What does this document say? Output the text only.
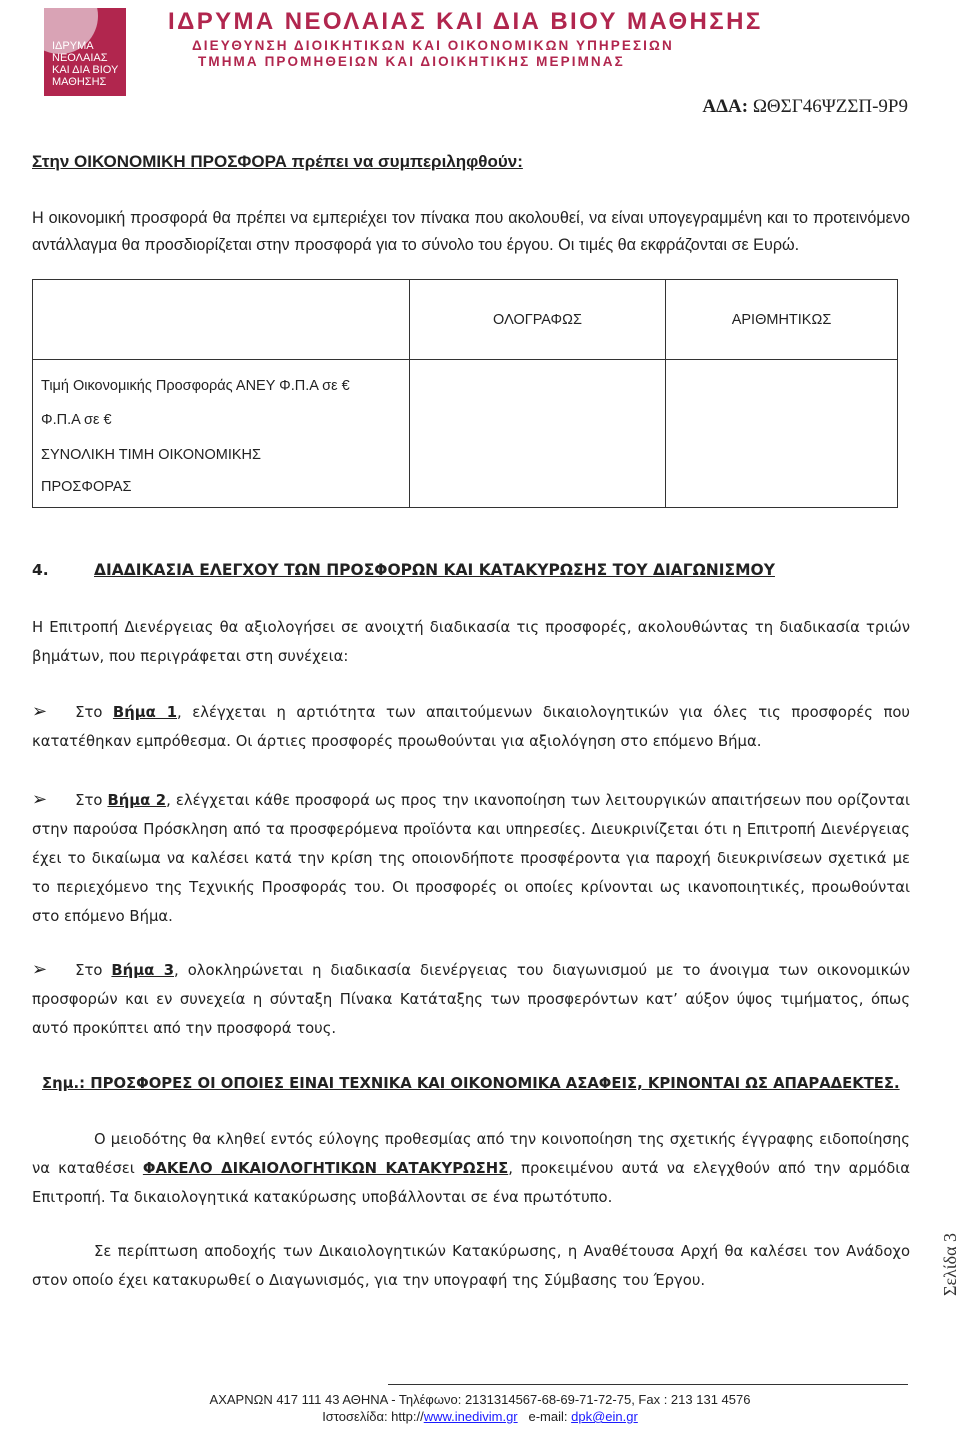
ΙΔΡΥΜΑ
ΝΕΟΛΑΙΑΣ
ΚΑΙ ΔΙΑ ΒΙΟΥ
ΜΑΘΗΣΗΣ
ΙΔΡΥΜΑ ΝΕΟΛΑΙΑΣ ΚΑΙ ΔΙΑ ΒΙΟΥ ΜΑΘΗΣΗΣ
ΔΙΕΥΘΥΝΣΗ ΔΙΟΙΚΗΤΙΚΩΝ ΚΑΙ ΟΙΚΟΝΟΜΙΚΩΝ ΥΠΗΡΕΣΙΩΝ
ΤΜΗΜΑ ΠΡΟΜΗΘΕΙΩΝ ΚΑΙ ΔΙΟΙΚΗΤΙΚΗΣ ΜΕΡΙΜΝΑΣ
ΑΔΑ: ΩΘΣΓ46ΨΖΣΠ-9Ρ9
Στην ΟΙΚΟΝΟΜΙΚΗ ΠΡΟΣΦΟΡΑ πρέπει να συμπεριληφθούν:
Η οικονομική προσφορά θα πρέπει να εμπεριέχει τον πίνακα που ακολουθεί, να είναι υπογεγραμμένη και το προτεινόμενο αντάλλαγμα θα προσδιορίζεται στην προσφορά για το σύνολο του έργου. Οι τιμές θα εκφράζονται σε Ευρώ.
	ΟΛΟΓΡΑΦΩΣ	ΑΡΙΘΜΗΤΙΚΩΣ

Τιμή Οικονομικής Προσφοράς ΑΝΕΥ Φ.Π.Α σε €
Φ.Π.Α σε €
ΣΥΝΟΛΙΚΗ ΤΙΜΗ ΟΙΚΟΝΟΜΙΚΗΣ
ΠΡΟΣΦΟΡΑΣ		

4.	ΔΙΑΔΙΚΑΣΙΑ ΕΛΕΓΧΟΥ ΤΩΝ ΠΡΟΣΦΟΡΩΝ ΚΑΙ ΚΑΤΑΚΥΡΩΣΗΣ ΤΟΥ ΔΙΑΓΩΝΙΣΜΟΥ
Η Επιτροπή Διενέργειας θα αξιολογήσει σε ανοιχτή διαδικασία τις προσφορές, ακολουθώντας τη διαδικασία τριών βημάτων, που περιγράφεται στη συνέχεια:
➢ Στο Βήμα 1, ελέγχεται η αρτιότητα των απαιτούμενων δικαιολογητικών για όλες τις προσφορές που κατατέθηκαν εμπρόθεσμα. Οι άρτιες προσφορές προωθούνται για αξιολόγηση στο επόμενο Βήμα.
➢ Στο Βήμα 2, ελέγχεται κάθε προσφορά ως προς την ικανοποίηση των λειτουργικών απαιτήσεων που ορίζονται στην παρούσα Πρόσκληση από τα προσφερόμενα προϊόντα και υπηρεσίες. Διευκρινίζεται ότι η Επιτροπή Διενέργειας έχει το δικαίωμα να καλέσει κατά την κρίση της οποιονδήποτε προσφέροντα για παροχή διευκρινίσεων σχετικά με το περιεχόμενο της Τεχνικής Προσφοράς του. Οι προσφορές οι οποίες κρίνονται ως ικανοποιητικές, προωθούνται στο επόμενο Βήμα.
➢ Στο Βήμα 3, ολοκληρώνεται η διαδικασία διενέργειας του διαγωνισμού με το άνοιγμα των οικονομικών προσφορών και εν συνεχεία η σύνταξη Πίνακα Κατάταξης των προσφερόντων κατ’ αύξον ύψος τιμήματος, όπως αυτό προκύπτει από την προσφορά τους.
Σημ.: ΠΡΟΣΦΟΡΕΣ ΟΙ ΟΠΟΙΕΣ ΕΙΝΑΙ ΤΕΧΝΙΚΑ ΚΑΙ ΟΙΚΟΝΟΜΙΚΑ ΑΣΑΦΕΙΣ, ΚΡΙΝΟΝΤΑΙ ΩΣ ΑΠΑΡΑΔΕΚΤΕΣ.
Ο μειοδότης θα κληθεί εντός εύλογης προθεσμίας από την κοινοποίηση της σχετικής έγγραφης ειδοποίησης να καταθέσει ΦΑΚΕΛΟ ΔΙΚΑΙΟΛΟΓΗΤΙΚΩΝ ΚΑΤΑΚΥΡΩΣΗΣ, προκειμένου αυτά να ελεγχθούν από την αρμόδια Επιτροπή. Τα δικαιολογητικά κατακύρωσης υποβάλλονται σε ένα πρωτότυπο.
Σε περίπτωση αποδοχής των Δικαιολογητικών Κατακύρωσης, η Αναθέτουσα Αρχή θα καλέσει τον Ανάδοχο στον οποίο έχει κατακυρωθεί ο Διαγωνισμός, για την υπογραφή της Σύμβασης του Έργου.	Σελίδα 3
ΑΧΑΡΝΩΝ 417 111 43 ΑΘΗΝΑ - Τηλέφωνο: 2131314567-68-69-71-72-75, Fax : 213 131 4576
Ιστοσελίδα: http://www.inedivim.gr e-mail: dpk@ein.gr
